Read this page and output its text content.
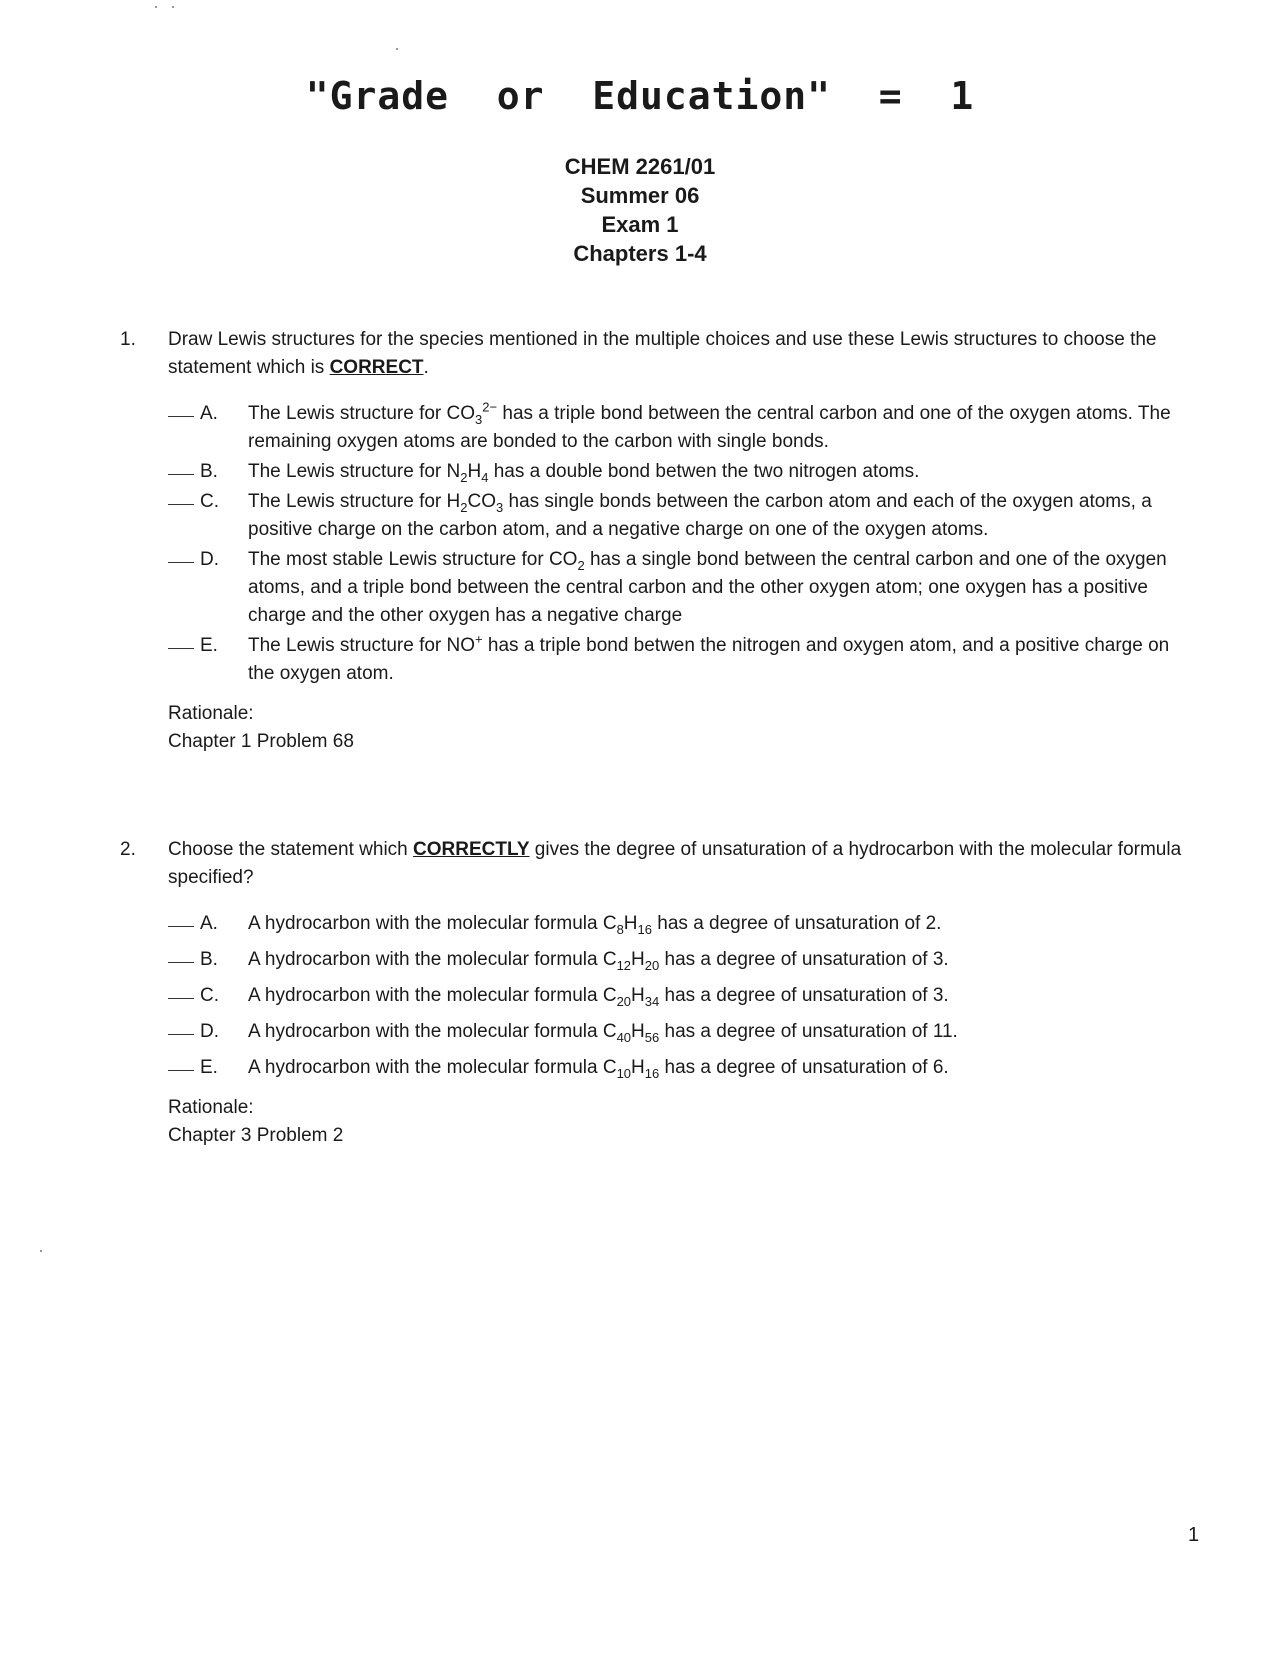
"Grade  or  Education"  =  1
CHEM 2261/01
Summer 06
Exam 1
Chapters 1-4
1. Draw Lewis structures for the species mentioned in the multiple choices and use these Lewis structures to choose the statement which is CORRECT.
A.	The Lewis structure for $CO_3^{2-}$ has a triple bond between the central carbon and one of the oxygen atoms. The remaining oxygen atoms are bonded to the carbon with single bonds.
B.	The Lewis structure for $N_2H_4$ has a double bond betwen the two nitrogen atoms.
C.	The Lewis structure for $H_2CO_3$ has single bonds between the carbon atom and each of the oxygen atoms, a positive charge on the carbon atom, and a negative charge on one of the oxygen atoms.
D.	The most stable Lewis structure for $CO_2$ has a single bond between the central carbon and one of the oxygen atoms, and a triple bond between the central carbon and the other oxygen atom; one oxygen has a positive charge and the other oxygen has a negative charge
E.	The Lewis structure for NO+ has a triple bond betwen the nitrogen and oxygen atom, and a positive charge on the oxygen atom.
Rationale:
Chapter 1 Problem 68
2. Choose the statement which CORRECTLY gives the degree of unsaturation of a hydrocarbon with the molecular formula specified?
A.	A hydrocarbon with the molecular formula $C_8H_{16}$ has a degree of unsaturation of 2.
B.	A hydrocarbon with the molecular formula $C_{12}H_{20}$ has a degree of unsaturation of 3.
C.	A hydrocarbon with the molecular formula $C_{20}H_{34}$ has a degree of unsaturation of 3.
D.	A hydrocarbon with the molecular formula $C_{40}H_{56}$ has a degree of unsaturation of 11.
E.	A hydrocarbon with the molecular formula $C_{10}H_{16}$ has a degree of unsaturation of 6.
Rationale:
Chapter 3 Problem 2
1
